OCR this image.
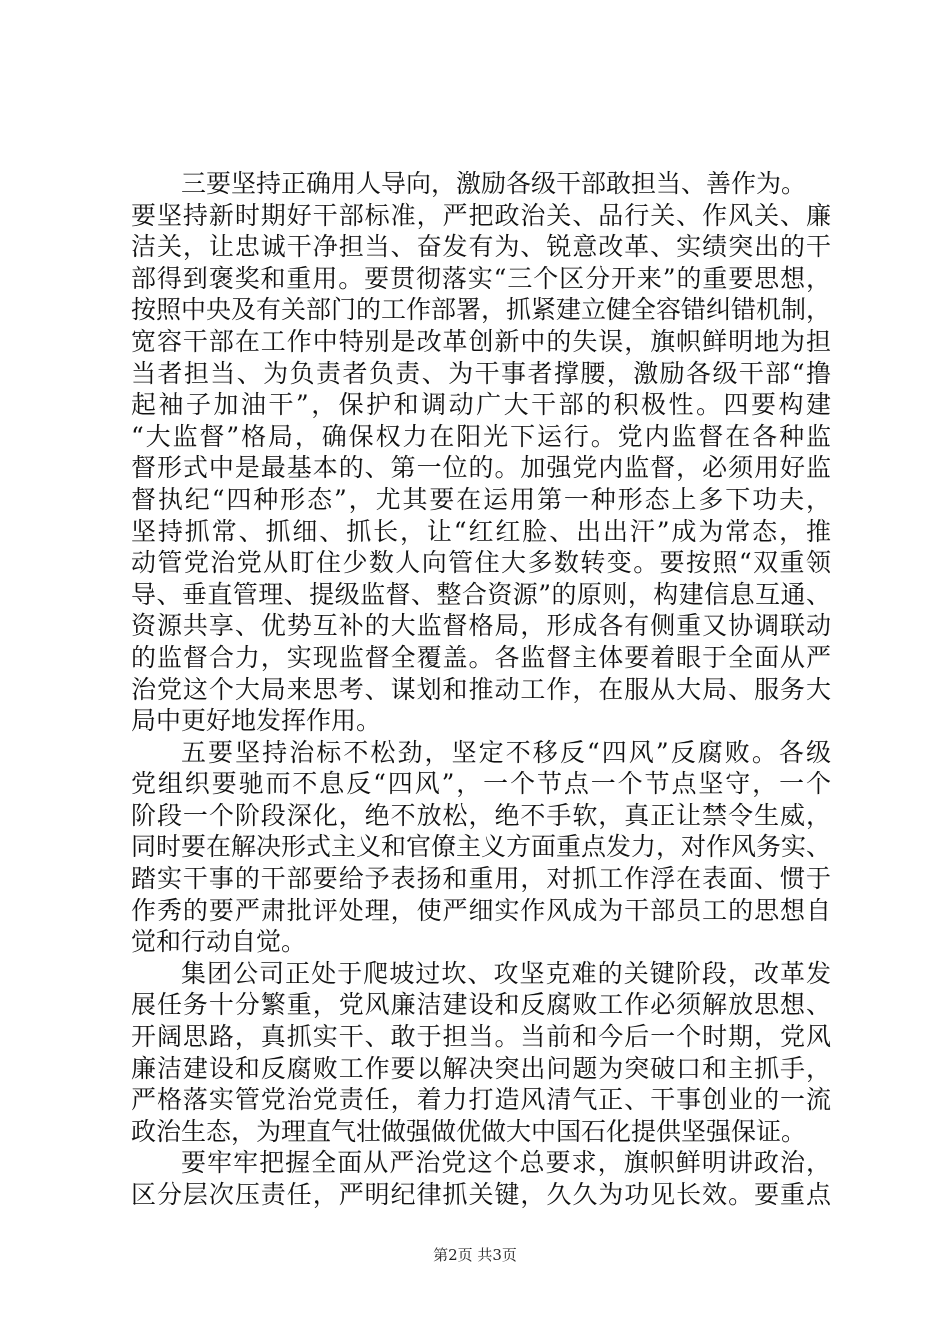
三要坚持正确用人导向，激励各级干部敢担当、善作为。
要坚持新时期好干部标准，严把政治关、品行关、作风关、廉
洁关，让忠诚干净担当、奋发有为、锐意改革、实绩突出的干
部得到褒奖和重用。要贯彻落实“三个区分开来”的重要思想，
按照中央及有关部门的工作部署，抓紧建立健全容错纠错机制，
宽容干部在工作中特别是改革创新中的失误，旗帜鲜明地为担
当者担当、为负责者负责、为干事者撑腰，激励各级干部“撸
起袖子加油干”，保护和调动广大干部的积极性。四要构建
“大监督”格局，确保权力在阳光下运行。党内监督在各种监
督形式中是最基本的、第一位的。加强党内监督，必须用好监
督执纪“四种形态”，尤其要在运用第一种形态上多下功夫，
坚持抓常、抓细、抓长，让“红红脸、出出汗”成为常态，推
动管党治党从盯住少数人向管住大多数转变。要按照“双重领
导、垂直管理、提级监督、整合资源”的原则，构建信息互通、
资源共享、优势互补的大监督格局，形成各有侧重又协调联动
的监督合力，实现监督全覆盖。各监督主体要着眼于全面从严
治党这个大局来思考、谋划和推动工作，在服从大局、服务大
局中更好地发挥作用。
五要坚持治标不松劲，坚定不移反“四风”反腐败。各级
党组织要驰而不息反“四风”，一个节点一个节点坚守，一个
阶段一个阶段深化，绝不放松，绝不手软，真正让禁令生威，
同时要在解决形式主义和官僚主义方面重点发力，对作风务实、
踏实干事的干部要给予表扬和重用，对抓工作浮在表面、惯于
作秀的要严肃批评处理，使严细实作风成为干部员工的思想自
觉和行动自觉。
集团公司正处于爬坡过坎、攻坚克难的关键阶段，改革发
展任务十分繁重，党风廉洁建设和反腐败工作必须解放思想、
开阔思路，真抓实干、敢于担当。当前和今后一个时期，党风
廉洁建设和反腐败工作要以解决突出问题为突破口和主抓手，
严格落实管党治党责任，着力打造风清气正、干事创业的一流
政治生态，为理直气壮做强做优做大中国石化提供坚强保证。
要牢牢把握全面从严治党这个总要求，旗帜鲜明讲政治，
区分层次压责任，严明纪律抓关键，久久为功见长效。要重点
第2页 共3页
